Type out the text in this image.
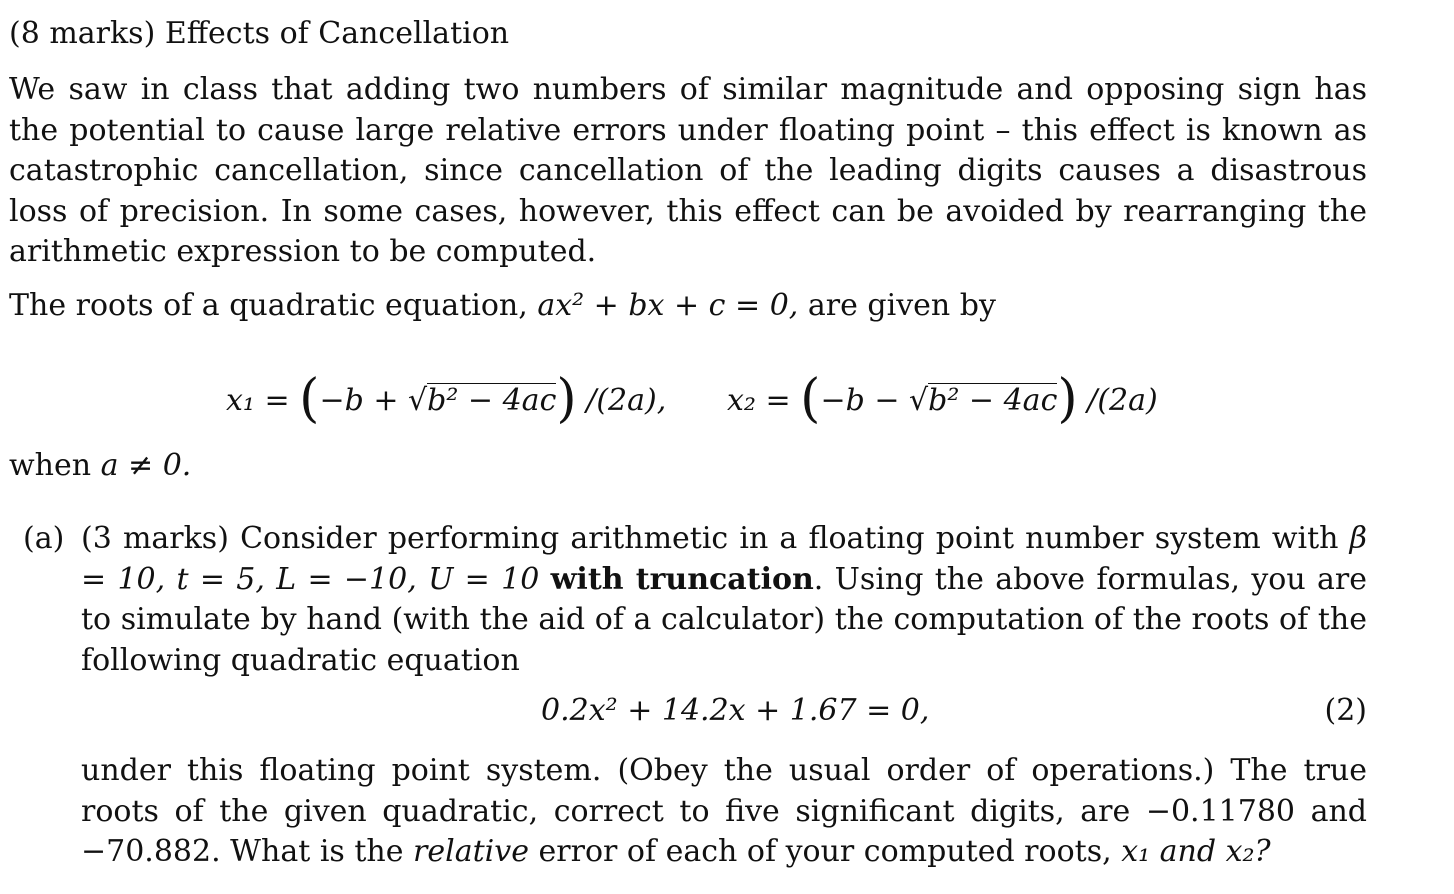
(8 marks) Effects of Cancellation

We saw in class that adding two numbers of similar magnitude and opposing sign has the potential to cause large relative errors under floating point – this effect is known as catastrophic cancellation, since cancellation of the leading digits causes a disastrous loss of precision. In some cases, however, this effect can be avoided by rearranging the arithmetic expression to be computed.

The roots of a quadratic equation, ax² + bx + c = 0, are given by

x₁ = (−b + √b² − 4ac) /(2a), x₂ = (−b − √b² − 4ac) /(2a)
when a ≠ 0.
(a) (3 marks) Consider performing arithmetic in a floating point number system with β = 10, t = 5, L = −10, U = 10 with truncation. Using the above formulas, you are to simulate by hand (with the aid of a calculator) the computation of the roots of the following quadratic equation

0.2x² + 14.2x + 1.67 = 0,	(2)

under this floating point system. (Obey the usual order of operations.) The true roots of the given quadratic, correct to five significant digits, are −0.11780 and −70.882. What is the relative error of each of your computed roots, x₁ and x₂?
